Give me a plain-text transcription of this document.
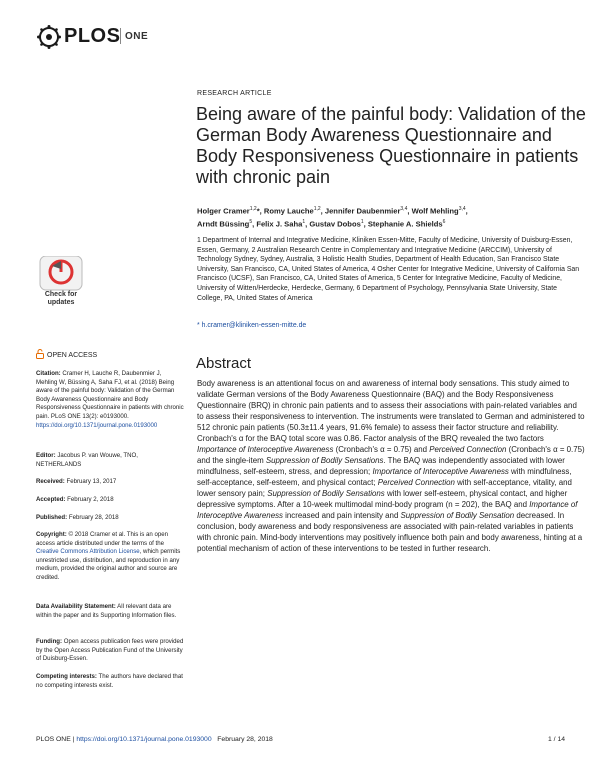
PLOS ONE
RESEARCH ARTICLE
Being aware of the painful body: Validation of the German Body Awareness Questionnaire and Body Responsiveness Questionnaire in patients with chronic pain
Holger Cramer$^{1,2}$*, Romy Lauche$^{1,2}$, Jennifer Daubenmier$^{3,4}$, Wolf Mehling$^{3,4}$,
Arndt Büssing$^5$, Felix J. Saha$^1$, Gustav Dobos$^1$, Stephanie A. Shields$^6$
1 Department of Internal and Integrative Medicine, Kliniken Essen-Mitte, Faculty of Medicine, University of Duisburg-Essen, Essen, Germany, 2 Australian Research Centre in Complementary and Integrative Medicine (ARCCIM), University of Technology Sydney, Sydney, Australia, 3 Holistic Health Studies, Department of Health Education, San Francisco State University, San Francisco, CA, United States of America, 4 Osher Center for Integrative Medicine, University of California San Francisco (UCSF), San Francisco, CA, United States of America, 5 Center for Integrative Medicine, Faculty of Medicine, University of Witten/Herdecke, Herdecke, Germany, 6 Department of Psychology, Pennsylvania State University, State College, PA, United States of America
* h.cramer@kliniken-essen-mitte.de
Check for updates
OPEN ACCESS
Citation: Cramer H, Lauche R, Daubenmier J, Mehling W, Büssing A, Saha FJ, et al. (2018) Being aware of the painful body: Validation of the German Body Awareness Questionnaire and Body Responsiveness Questionnaire in patients with chronic pain. PLoS ONE 13(2): e0193000. https://doi.org/10.1371/journal.pone.0193000
Editor: Jacobus P. van Wouwe, TNO, NETHERLANDS
Received: February 13, 2017
Accepted: February 2, 2018
Published: February 28, 2018
Copyright: © 2018 Cramer et al. This is an open access article distributed under the terms of the Creative Commons Attribution License, which permits unrestricted use, distribution, and reproduction in any medium, provided the original author and source are credited.
Data Availability Statement: All relevant data are within the paper and its Supporting Information files.
Funding: Open access publication fees were provided by the Open Access Publication Fund of the University of Duisburg-Essen.
Competing interests: The authors have declared that no competing interests exist.
Abstract
Body awareness is an attentional focus on and awareness of internal body sensations. This study aimed to validate German versions of the Body Awareness Questionnaire (BAQ) and the Body Responsiveness Questionnaire (BRQ) in chronic pain patients and to assess their associations with pain-related variables and to assess their responsiveness to intervention. The instruments were translated to German and administered to 512 chronic pain patients (50.3±11.4 years, 91.6% female) to assess their factor structure and reliability. Cronbach's α for the BAQ total score was 0.86. Factor analysis of the BRQ revealed the two factors Importance of Interoceptive Awareness (Cronbach's α = 0.75) and Perceived Connection (Cronbach's α = 0.75) and the single-item Suppression of Bodily Sensations. The BAQ was independently associated with lower mindfulness, self-esteem, stress, and depression; Importance of Interoceptive Awareness with mindfulness, self-acceptance, self-esteem, and physical contact; Perceived Connection with self-acceptance, vitality, and lower sensory pain; Suppression of Bodily Sensations with lower self-esteem, physical contact, and higher depressive symptoms. After a 10-week multimodal mind-body program (n = 202), the BAQ and Importance of Interoceptive Awareness increased and pain intensity and Suppression of Bodily Sensation decreased. In conclusion, body awareness and body responsiveness are associated with pain-related variables in patients with chronic pain. Mind-body interventions may positively influence both pain and body awareness, hinting at a potential mechanism of action of these interventions to be tested in further research.
PLOS ONE | https://doi.org/10.1371/journal.pone.0193000 February 28, 2018	1 / 14
